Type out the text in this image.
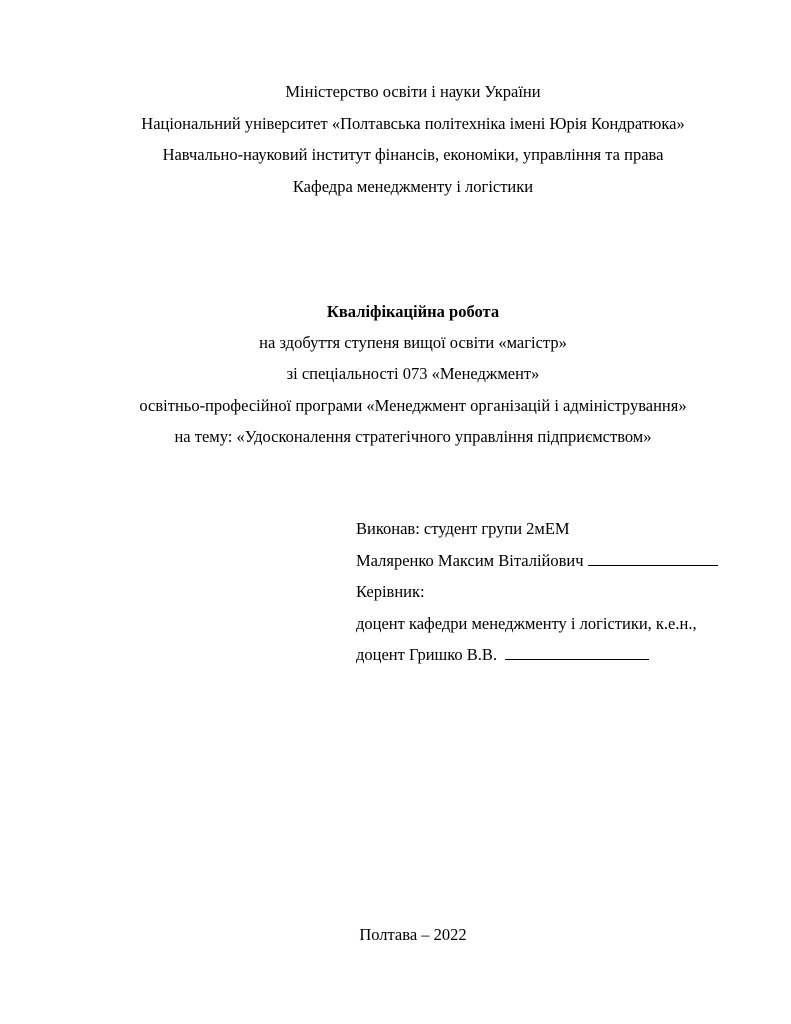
Міністерство освіти і науки України
Національний університет «Полтавська політехніка імені Юрія Кондратюка»
Навчально-науковий інститут фінансів, економіки, управління та права
Кафедра менеджменту і логістики
Кваліфікаційна робота
на здобуття ступеня вищої освіти «магістр»
зі спеціальності 073 «Менеджмент»
освітньо-професійної програми «Менеджмент організацій і адміністрування»
на тему: «Удосконалення стратегічного управління підприємством»
Виконав: студент групи 2мЕМ
Маляренко Максим Віталійович
Керівник:
доцент кафедри менеджменту і логістики, к.е.н.,
доцент Гришко В.В.
Полтава – 2022
